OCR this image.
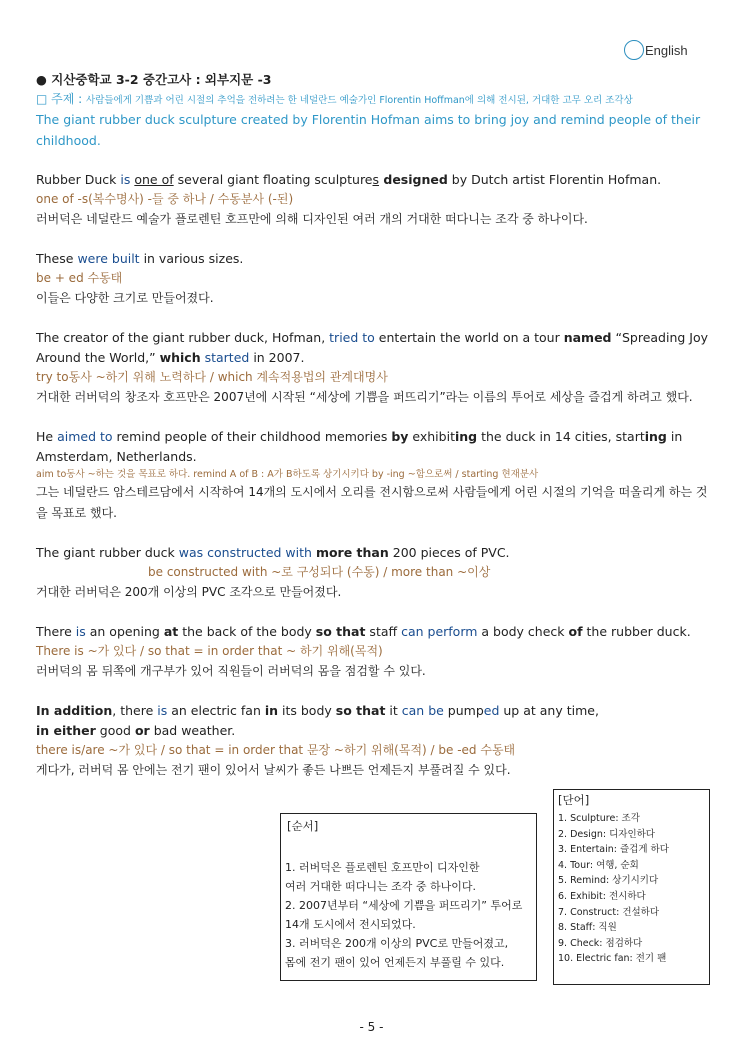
English

● 지산중학교 3-2 중간고사 : 외부지문 -3

□ 주제 : 사람들에게 기쁨과 어린 시절의 추억을 전하려는 한 네덜란드 예술가인 Florentin Hoffman에 의해 전시된, 거대한 고무 오리 조각상
The giant rubber duck sculpture created by Florentin Hofman aims to bring joy and remind people of their childhood.

Rubber Duck is one of several giant floating sculptures designed by Dutch artist Florentin Hofman.

one of -s(복수명사) -들 중 하나 / 수동분사 (-된)

러버덕은 네덜란드 예술가 플로렌틴 호프만에 의해 디자인된 여러 개의 거대한 떠다니는 조각 중 하나이다.

These were built in various sizes.

be + ed 수동태

이들은 다양한 크기로 만들어졌다.

The creator of the giant rubber duck, Hofman, tried to entertain the world on a tour named “Spreading Joy Around the World,” which started in 2007.

try to동사 ~하기 위해 노력하다 / which 계속적용법의 관계대명사

거대한 러버덕의 창조자 호프만은 2007년에 시작된 “세상에 기쁨을 퍼뜨리기”라는 이름의 투어로 세상을 즐겁게 하려고 했다.

He aimed to remind people of their childhood memories by exhibiting the duck in 14 cities, starting in Amsterdam, Netherlands.

aim to동사 ~하는 것을 목표로 하다. remind A of B : A가 B하도록 상기시키다 by -ing ~함으로써 / starting 현재분사

그는 네덜란드 암스테르담에서 시작하여 14개의 도시에서 오리를 전시함으로써 사람들에게 어린 시절의 기억을 떠올리게 하는 것을 목표로 했다.

The giant rubber duck was constructed with more than 200 pieces of PVC.

be constructed with ~로 구성되다 (수동) / more than ~이상

거대한 러버덕은 200개 이상의 PVC 조각으로 만들어졌다.

There is an opening at the back of the body so that staff can perform a body check of the rubber duck.

There is ~가 있다 / so that = in order that ~ 하기 위해(목적)

러버덕의 몸 뒤쪽에 개구부가 있어 직원들이 러버덕의 몸을 점검할 수 있다.

In addition, there is an electric fan in its body so that it can be pumped up at any time,
in either good or bad weather.

there is/are ~가 있다 / so that = in order that 문장 ~하기 위해(목적) / be -ed 수동태

게다가, 러버덕 몸 안에는 전기 팬이 있어서 날씨가 좋든 나쁘든 언제든지 부풀려질 수 있다.

[순서]
1. 러버덕은 플로렌틴 호프만이 디자인한
여러 거대한 떠다니는 조각 중 하나이다.
2. 2007년부터 “세상에 기쁨을 퍼뜨리기” 투어로
14개 도시에서 전시되었다.
3. 러버덕은 200개 이상의 PVC로 만들어졌고,
몸에 전기 팬이 있어 언제든지 부풀릴 수 있다.
[단어]
1. Sculpture: 조각
2. Design: 디자인하다
3. Entertain: 즐겁게 하다
4. Tour: 여행, 순회
5. Remind: 상기시키다
6. Exhibit: 전시하다
7. Construct: 건설하다
8. Staff: 직원
9. Check: 점검하다
10. Electric fan: 전기 팬
- 5 -
